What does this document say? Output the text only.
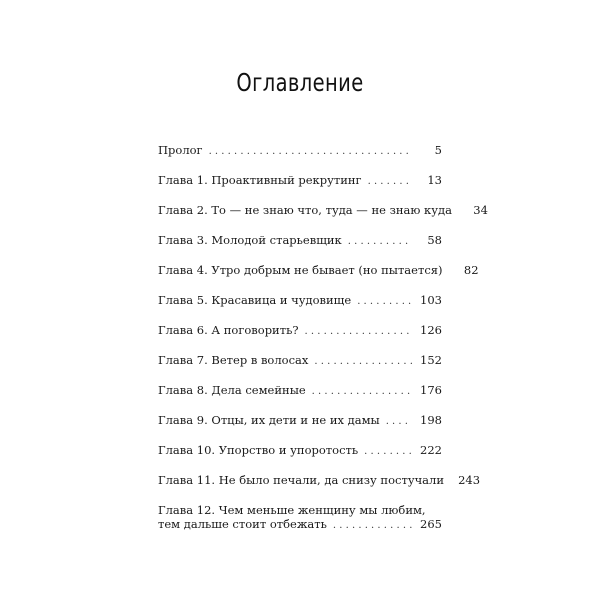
Оглавление
Пролог . . .	5
Глава 1. Проактивный рекрутинг . . .	13
Глава 2. То — не знаю что, туда — не знаю куда	34
Глава 3. Молодой старьевщик . . .	58
Глава 4. Утро добрым не бывает (но пытается)	82
Глава 5. Красавица и чудовище . . .	103
Глава 6. А поговорить? . . .	126
Глава 7. Ветер в волосах . . .	152
Глава 8. Дела семейные . . .	176
Глава 9. Отцы, их дети и не их дамы . . .	198
Глава 10. Упорство и упоротость . . .	222
Глава 11. Не было печали, да снизу постучали	243
Глава 12. Чем меньше женщину мы любим,
тем дальше стоит отбежать . . .	265
